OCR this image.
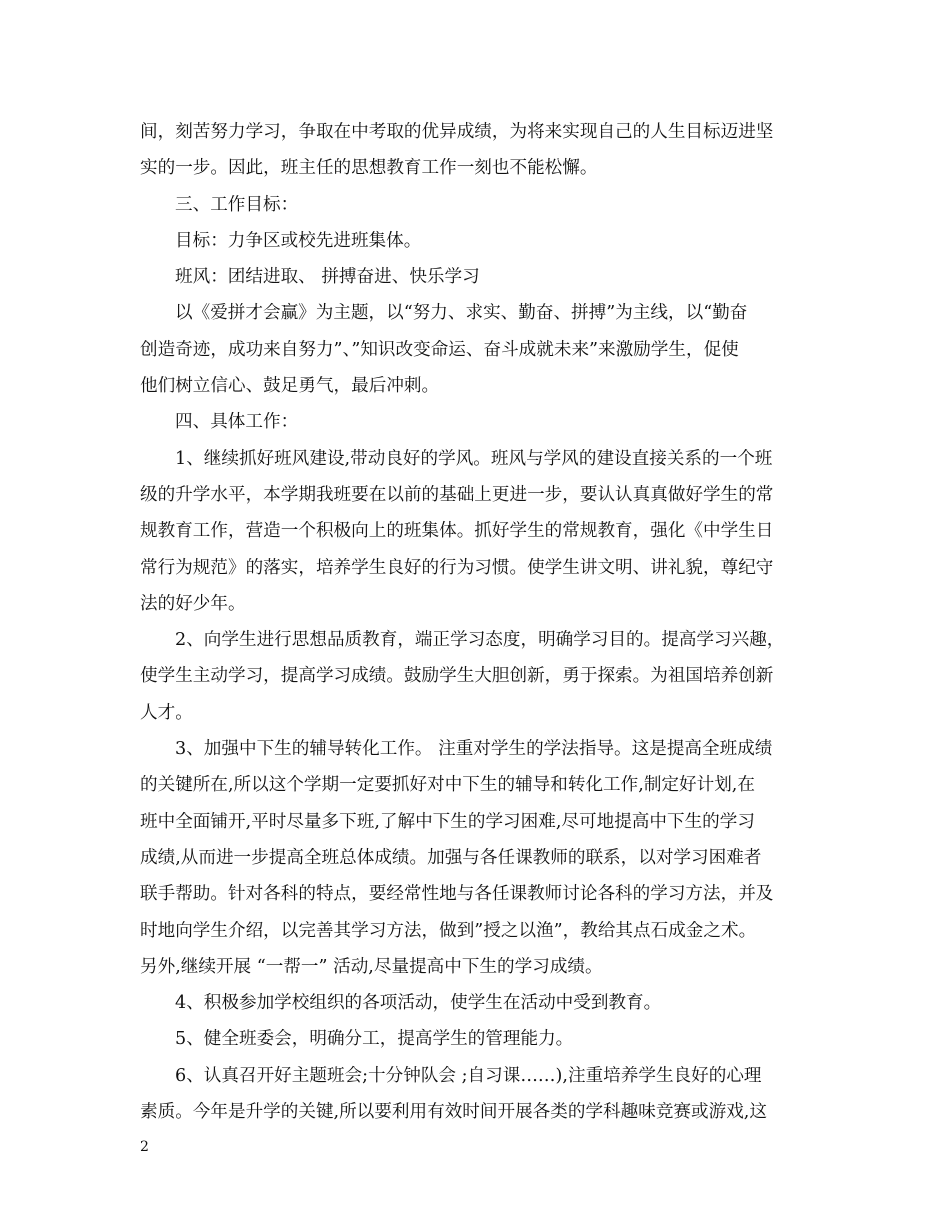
间，刻苦努力学习，争取在中考取的优异成绩，为将来实现自己的人生目标迈进坚
实的一步。因此，班主任的思想教育工作一刻也不能松懈。
三、工作目标：
目标：力争区或校先进班集体。
班风：团结进取、 拼搏奋进、快乐学习
以《爱拼才会赢》为主题，以“努力、求实、勤奋、拼搏”为主线，以“勤奋
创造奇迹，成功来自努力”、”知识改变命运、奋斗成就未来”来激励学生，促使
他们树立信心、鼓足勇气，最后冲刺。
四、具体工作：
1、继续抓好班风建设,带动良好的学风。班风与学风的建设直接关系的一个班
级的升学水平，本学期我班要在以前的基础上更进一步，要认认真真做好学生的常
规教育工作，营造一个积极向上的班集体。抓好学生的常规教育，强化《中学生日
常行为规范》的落实，培养学生良好的行为习惯。使学生讲文明、讲礼貌，尊纪守
法的好少年。
2、向学生进行思想品质教育，端正学习态度，明确学习目的。提高学习兴趣，
使学生主动学习，提高学习成绩。鼓励学生大胆创新，勇于探索。为祖国培养创新
人才。
3、加强中下生的辅导转化工作。 注重对学生的学法指导。这是提高全班成绩
的关键所在,所以这个学期一定要抓好对中下生的辅导和转化工作,制定好计划,在
班中全面铺开,平时尽量多下班,了解中下生的学习困难,尽可地提高中下生的学习
成绩,从而进一步提高全班总体成绩。加强与各任课教师的联系，以对学习困难者
联手帮助。针对各科的特点，要经常性地与各任课教师讨论各科的学习方法，并及
时地向学生介绍，以完善其学习方法，做到”授之以渔”，教给其点石成金之术。
另外,继续开展 “一帮一” 活动,尽量提高中下生的学习成绩。
4、积极参加学校组织的各项活动，使学生在活动中受到教育。
5、健全班委会，明确分工，提高学生的管理能力。
6、认真召开好主题班会;十分钟队会 ;自习课……),注重培养学生良好的心理
素质。今年是升学的关键,所以要利用有效时间开展各类的学科趣味竞赛或游戏,这
2
